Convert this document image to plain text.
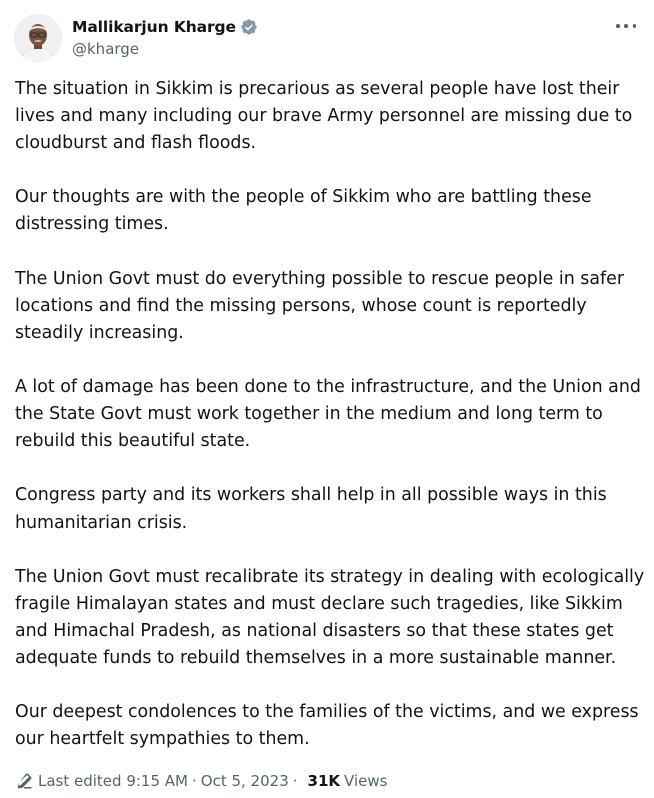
Mallikarjun Kharge
@kharge

The situation in Sikkim is precarious as several people have lost their lives and many including our brave Army personnel are missing due to cloudburst and flash floods.

Our thoughts are with the people of Sikkim who are battling these distressing times.

The Union Govt must do everything possible to rescue people in safer locations and find the missing persons, whose count is reportedly steadily increasing.

A lot of damage has been done to the infrastructure, and the Union and the State Govt must work together in the medium and long term to rebuild this beautiful state.

Congress party and its workers shall help in all possible ways in this humanitarian crisis.

The Union Govt must recalibrate its strategy in dealing with ecologically fragile Himalayan states and must declare such tragedies, like Sikkim and Himachal Pradesh, as national disasters so that these states get adequate funds to rebuild themselves in a more sustainable manner.

Our deepest condolences to the families of the victims, and we express our heartfelt sympathies to them.

Last edited 9:15 AM · Oct 5, 2023 · 31K Views
